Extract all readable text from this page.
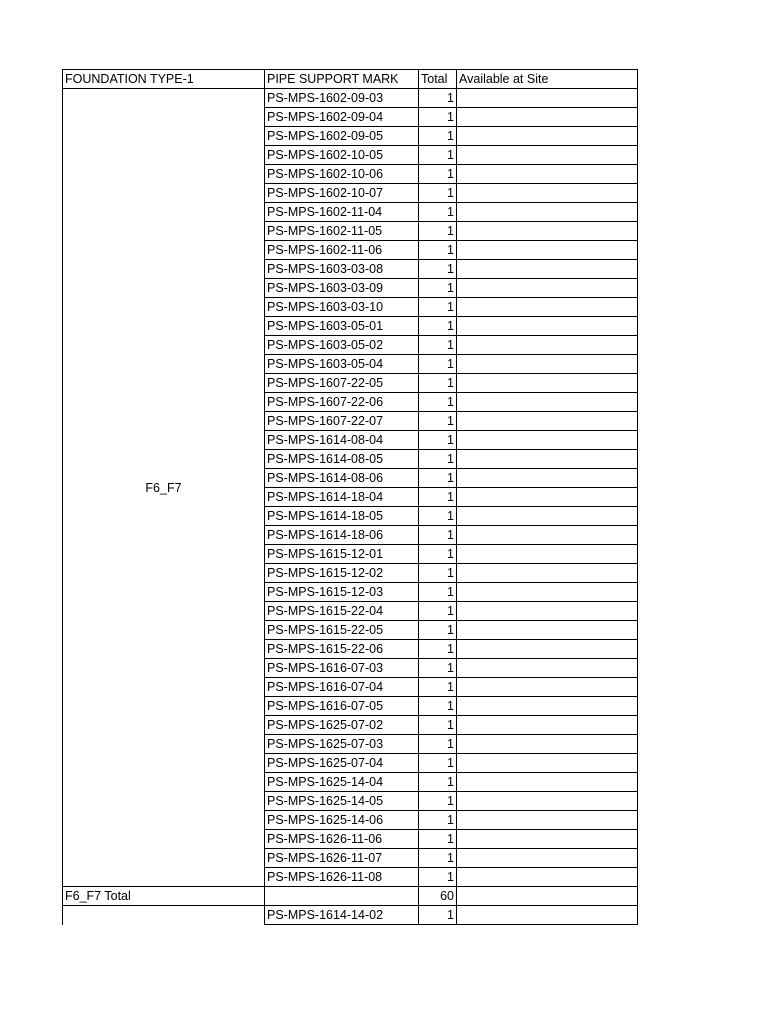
FOUNDATION TYPE-1	PIPE SUPPORT MARK	Total	Available at Site
F6_F7	PS-MPS-1602-09-03	1	
	PS-MPS-1602-09-04	1	
	PS-MPS-1602-09-05	1	
	PS-MPS-1602-10-05	1	
	PS-MPS-1602-10-06	1	
	PS-MPS-1602-10-07	1	
	PS-MPS-1602-11-04	1	
	PS-MPS-1602-11-05	1	
	PS-MPS-1602-11-06	1	
	PS-MPS-1603-03-08	1	
	PS-MPS-1603-03-09	1	
	PS-MPS-1603-03-10	1	
	PS-MPS-1603-05-01	1	
	PS-MPS-1603-05-02	1	
	PS-MPS-1603-05-04	1	
	PS-MPS-1607-22-05	1	
	PS-MPS-1607-22-06	1	
	PS-MPS-1607-22-07	1	
	PS-MPS-1614-08-04	1	
	PS-MPS-1614-08-05	1	
	PS-MPS-1614-08-06	1	
	PS-MPS-1614-18-04	1	
	PS-MPS-1614-18-05	1	
	PS-MPS-1614-18-06	1	
	PS-MPS-1615-12-01	1	
	PS-MPS-1615-12-02	1	
	PS-MPS-1615-12-03	1	
	PS-MPS-1615-22-04	1	
	PS-MPS-1615-22-05	1	
	PS-MPS-1615-22-06	1	
	PS-MPS-1616-07-03	1	
	PS-MPS-1616-07-04	1	
	PS-MPS-1616-07-05	1	
	PS-MPS-1625-07-02	1	
	PS-MPS-1625-07-03	1	
	PS-MPS-1625-07-04	1	
	PS-MPS-1625-14-04	1	
	PS-MPS-1625-14-05	1	
	PS-MPS-1625-14-06	1	
	PS-MPS-1626-11-06	1	
	PS-MPS-1626-11-07	1	
	PS-MPS-1626-11-08	1	
F6_F7 Total		60	
	PS-MPS-1614-14-02	1	
